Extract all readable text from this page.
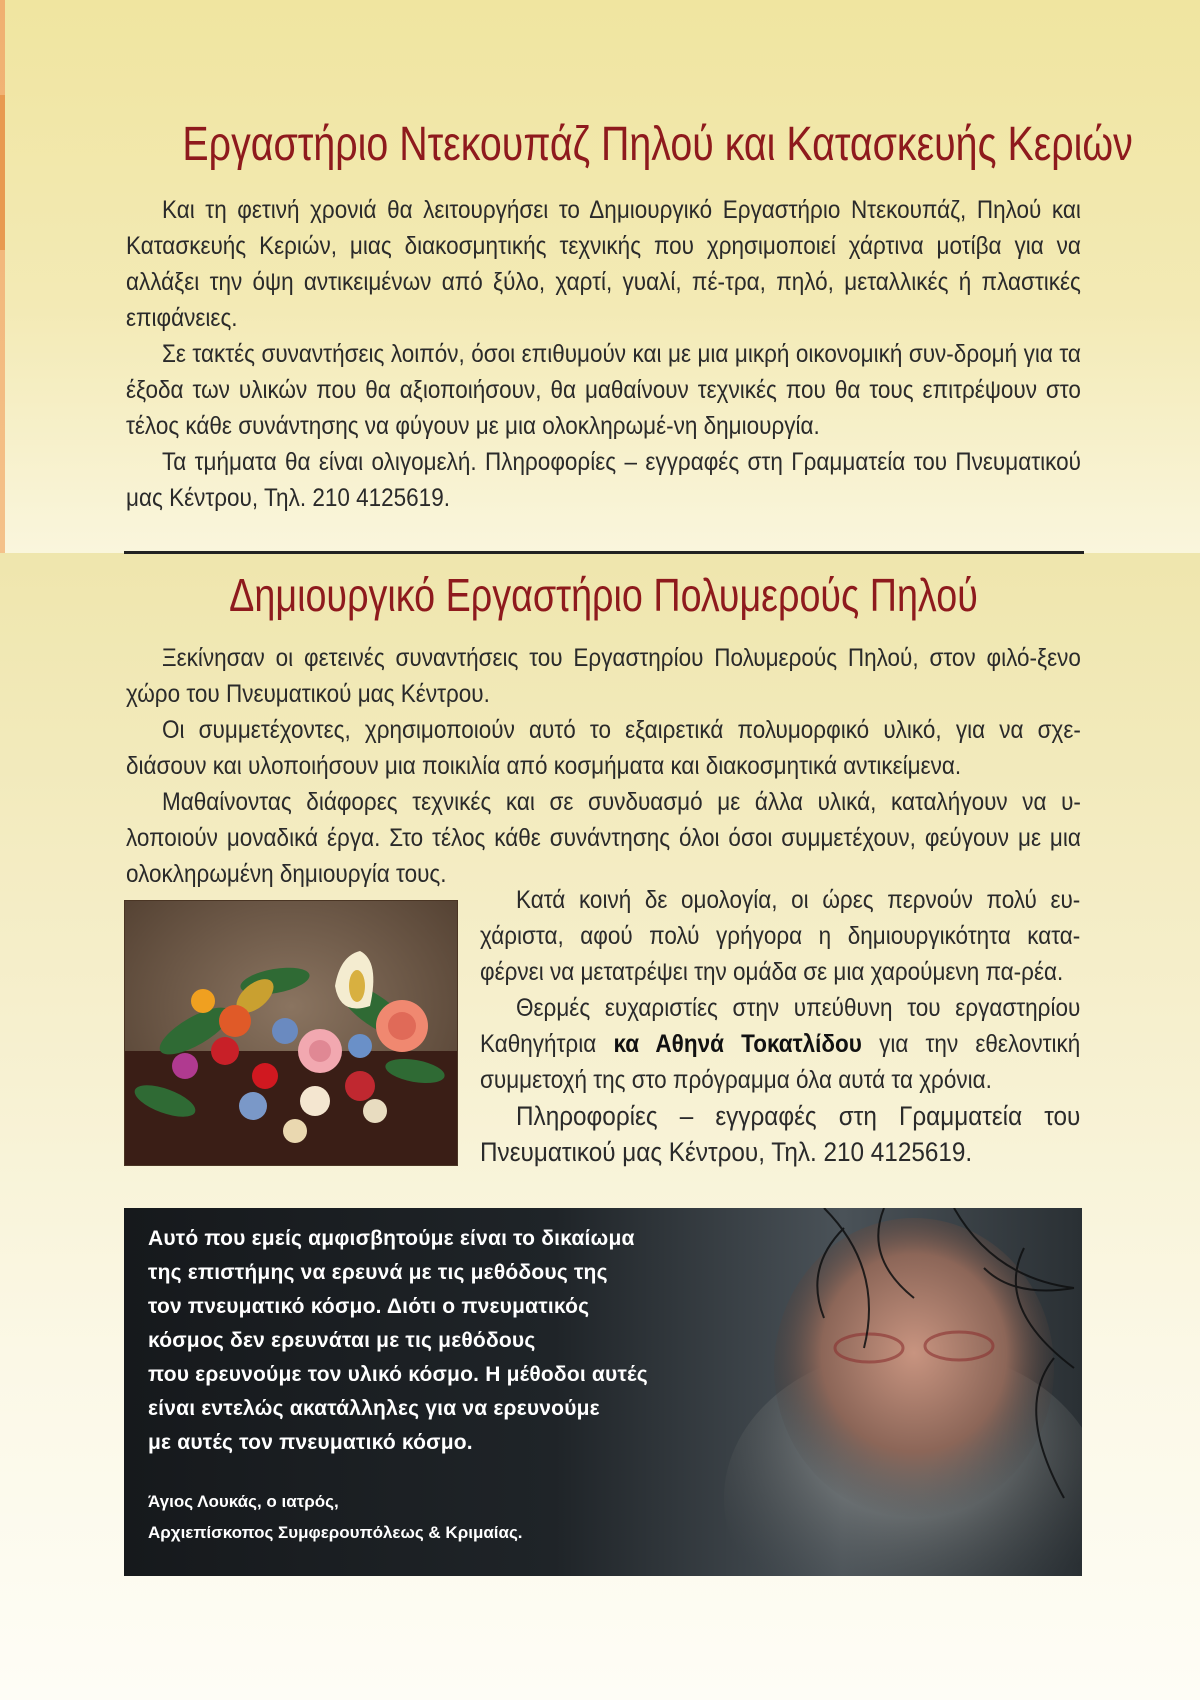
Εργαστήριο Ντεκουπάζ Πηλού και Κατασκευής Κεριών

Και τη φετινή χρονιά θα λειτουργήσει το Δημιουργικό Εργαστήριο Ντεκουπάζ, Πηλού και Κατασκευής Κεριών, μιας διακοσμητικής τεχνικής που χρησιμοποιεί χάρτινα μοτίβα για να αλλάξει την όψη αντικειμένων από ξύλο, χαρτί, γυαλί, πέ-τρα, πηλό, μεταλλικές ή πλαστικές επιφάνειες.

Σε τακτές συναντήσεις λοιπόν, όσοι επιθυμούν και με μια μικρή οικονομική συν-δρομή για τα έξοδα των υλικών που θα αξιοποιήσουν, θα μαθαίνουν τεχνικές που θα τους επιτρέψουν στο τέλος κάθε συνάντησης να φύγουν με μια ολοκληρωμέ-νη δημιουργία.

Τα τμήματα θα είναι ολιγομελή. Πληροφορίες – εγγραφές στη Γραμματεία του Πνευματικού μας Κέντρου, Τηλ. 210 4125619.

Δημιουργικό Εργαστήριο Πολυμερούς Πηλού

Ξεκίνησαν οι φετεινές συναντήσεις του Εργαστηρίου Πολυμερούς Πηλού, στον φιλό-ξενο χώρο του Πνευματικού μας Κέντρου.

Οι συμμετέχοντες, χρησιμοποιούν αυτό το εξαιρετικά πολυμορφικό υλικό, για να σχε-διάσουν και υλοποιήσουν μια ποικιλία από κοσμήματα και διακοσμητικά αντικείμενα.

Μαθαίνοντας διάφορες τεχνικές και σε συνδυασμό με άλλα υλικά, καταλήγουν να υ-λοποιούν μοναδικά έργα. Στο τέλος κάθε συνάντησης όλοι όσοι συμμετέχουν, φεύγουν με μια ολοκληρωμένη δημιουργία τους.

Κατά κοινή δε ομολογία, οι ώρες περνούν πολύ ευ-χάριστα, αφού πολύ γρήγορα η δημιουργικότητα κατα-φέρνει να μετατρέψει την ομάδα σε μια χαρούμενη πα-ρέα.

Θερμές ευχαριστίες στην υπεύθυνη του εργαστηρίου Καθηγήτρια κα Αθηνά Τοκατλίδου για την εθελοντική συμμετοχή της στο πρόγραμμα όλα αυτά τα χρόνια.

Πληροφορίες – εγγραφές στη Γραμματεία του Πνευματικού μας Κέντρου, Τηλ. 210 4125619.

Αυτό που εμείς αμφισβητούμε είναι το δικαίωμα

της επιστήμης να ερευνά με τις μεθόδους της

τον πνευματικό κόσμο. Διότι ο πνευματικός

κόσμος δεν ερευνάται με τις μεθόδους

που ερευνούμε τον υλικό κόσμο. Η μέθοδοι αυτές

είναι εντελώς ακατάλληλες για να ερευνούμε

με αυτές τον πνευματικό κόσμο.

Άγιος Λουκάς, ο ιατρός,

Αρχιεπίσκοπος Συμφερουπόλεως & Κριμαίας.
